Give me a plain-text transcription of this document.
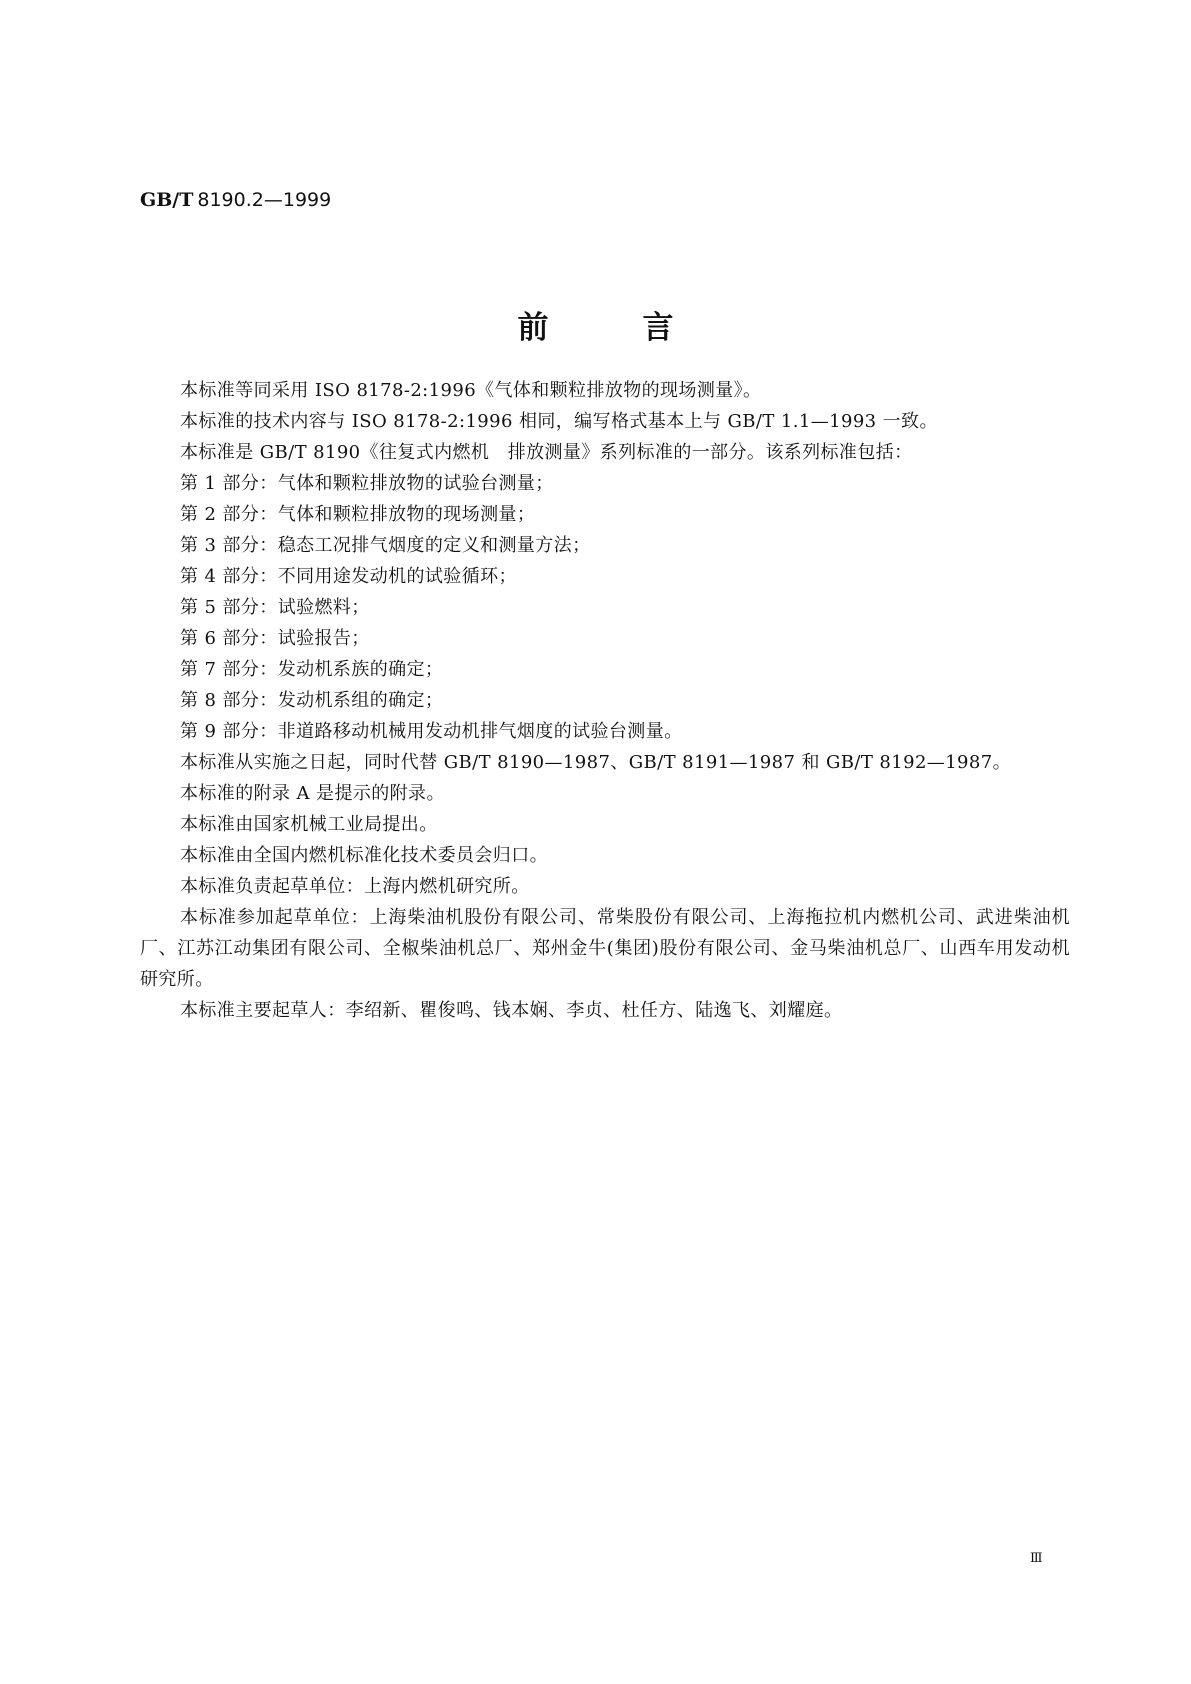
GB/T 8190.2—1999
前言

本标准等同采用 ISO 8178-2:1996《气体和颗粒排放物的现场测量》。

本标准的技术内容与 ISO 8178-2:1996 相同，编写格式基本上与 GB/T 1.1—1993 一致。

本标准是 GB/T 8190《往复式内燃机　排放测量》系列标准的一部分。该系列标准包括：

第 1 部分：气体和颗粒排放物的试验台测量；

第 2 部分：气体和颗粒排放物的现场测量；

第 3 部分：稳态工况排气烟度的定义和测量方法；

第 4 部分：不同用途发动机的试验循环；

第 5 部分：试验燃料；

第 6 部分：试验报告；

第 7 部分：发动机系族的确定；

第 8 部分：发动机系组的确定；

第 9 部分：非道路移动机械用发动机排气烟度的试验台测量。

本标准从实施之日起，同时代替 GB/T 8190—1987、GB/T 8191—1987 和 GB/T 8192—1987。

本标准的附录 A 是提示的附录。

本标准由国家机械工业局提出。

本标准由全国内燃机标准化技术委员会归口。

本标准负责起草单位：上海内燃机研究所。

本标准参加起草单位：上海柴油机股份有限公司、常柴股份有限公司、上海拖拉机内燃机公司、武进柴油机厂、江苏江动集团有限公司、全椒柴油机总厂、郑州金牛(集团)股份有限公司、金马柴油机总厂、山西车用发动机研究所。

本标准主要起草人：李绍新、瞿俊鸣、钱本娴、李贞、杜任方、陆逸飞、刘耀庭。

Ⅲ
